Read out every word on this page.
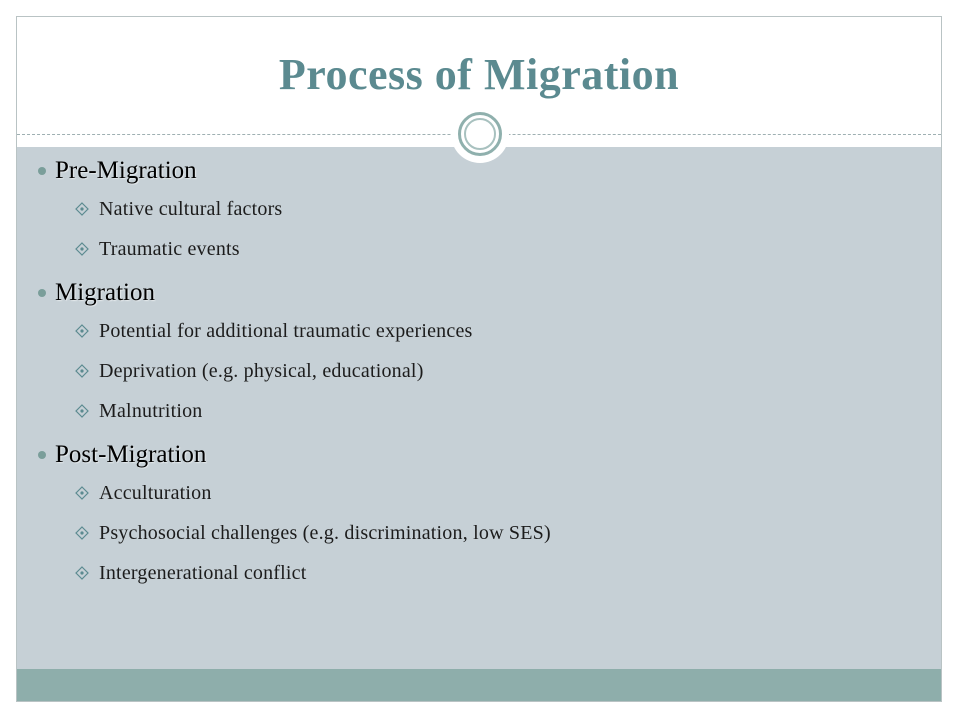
Process of Migration
Pre-Migration
Native cultural factors
Traumatic events
Migration
Potential for additional traumatic experiences
Deprivation (e.g. physical, educational)
Malnutrition
Post-Migration
Acculturation
Psychosocial challenges (e.g. discrimination, low SES)
Intergenerational conflict
